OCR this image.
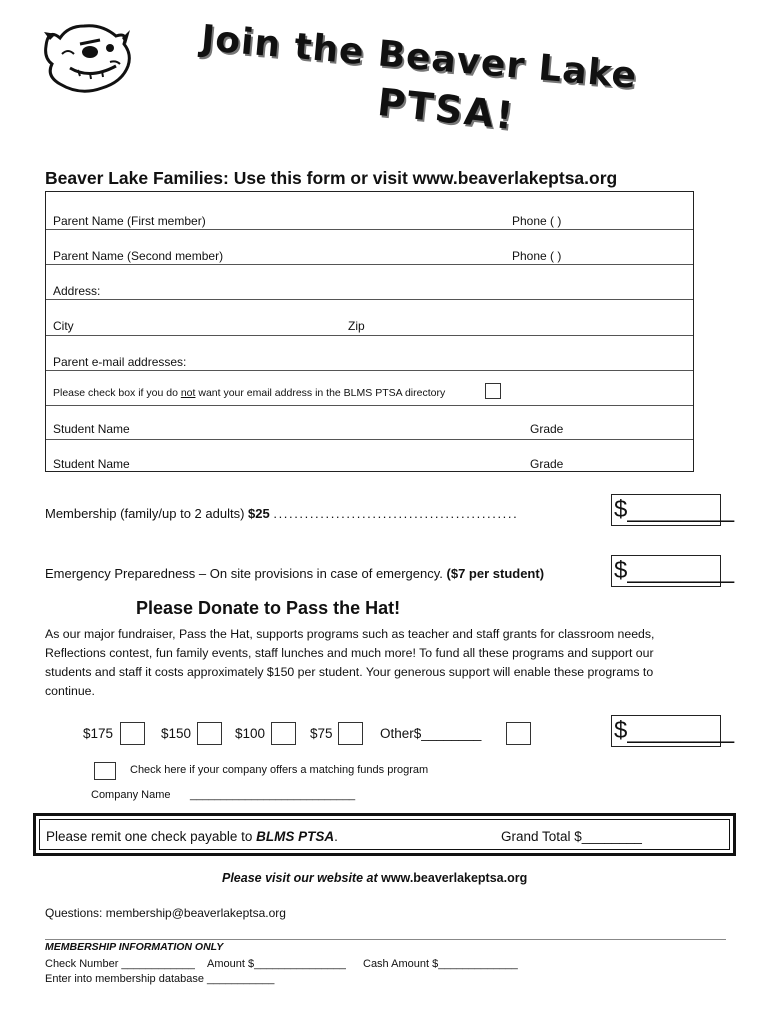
Join the Beaver Lake
PTSA!
Beaver Lake Families: Use this form or visit www.beaverlakeptsa.org
Parent Name (First member)	Phone ( )
Parent Name (Second member)	Phone ( )
Address:
City	Zip
Parent e-mail addresses:
Please check box if you do not want your email address in the BLMS PTSA directory
Student Name	Grade
Student Name	Grade
Membership (family/up to 2 adults) $25 ...............................................	$________
Emergency Preparedness – On site provisions in case of emergency. ($7 per student)	$________
Please Donate to Pass the Hat!
As our major fundraiser, Pass the Hat, supports programs such as teacher and staff grants for classroom needs, Reflections contest, fun family events, staff lunches and much more! To fund all these programs and support our students and staff it costs approximately $150 per student. Your generous support will enable these programs to continue.
$175	$150	$100	$75	Other$________	$________
Check here if your company offers a matching funds program
Company Name ___________________________
Please remit one check payable to BLMS PTSA.	Grand Total $________
Please visit our website at www.beaverlakeptsa.org
Questions: membership@beaverlakeptsa.org
MEMBERSHIP INFORMATION ONLY
Check Number ____________ Amount $_______________ Cash Amount $_____________
Enter into membership database ___________
